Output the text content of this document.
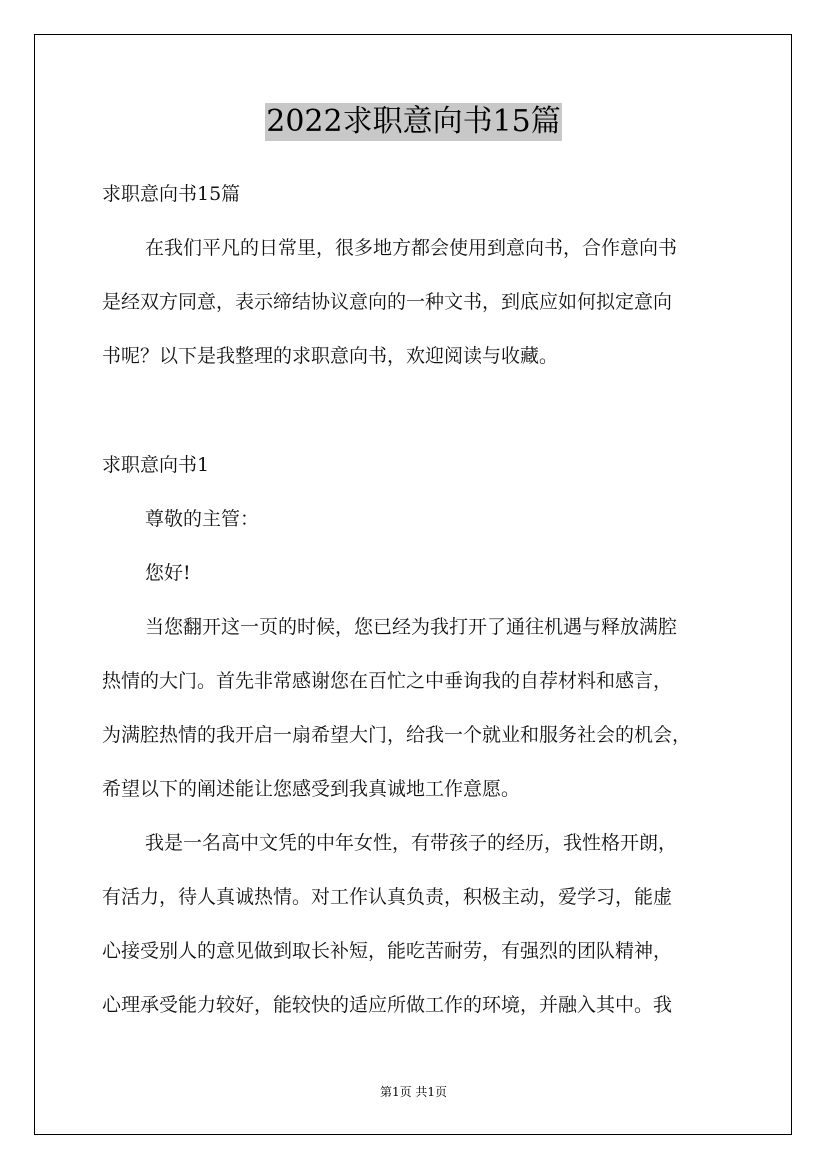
2022求职意向书15篇
求职意向书15篇
在我们平凡的日常里，很多地方都会使用到意向书，合作意向书
是经双方同意，表示缔结协议意向的一种文书，到底应如何拟定意向
书呢？以下是我整理的求职意向书，欢迎阅读与收藏。
求职意向书1
尊敬的主管：
您好!
当您翻开这一页的时候，您已经为我打开了通往机遇与释放满腔
热情的大门。首先非常感谢您在百忙之中垂询我的自荐材料和感言，
为满腔热情的我开启一扇希望大门，给我一个就业和服务社会的机会，
希望以下的阐述能让您感受到我真诚地工作意愿。
我是一名高中文凭的中年女性，有带孩子的经历，我性格开朗，
有活力，待人真诚热情。对工作认真负责，积极主动，爱学习，能虚
心接受别人的意见做到取长补短，能吃苦耐劳，有强烈的团队精神，
心理承受能力较好，能较快的适应所做工作的环境，并融入其中。我
第1页 共1页
